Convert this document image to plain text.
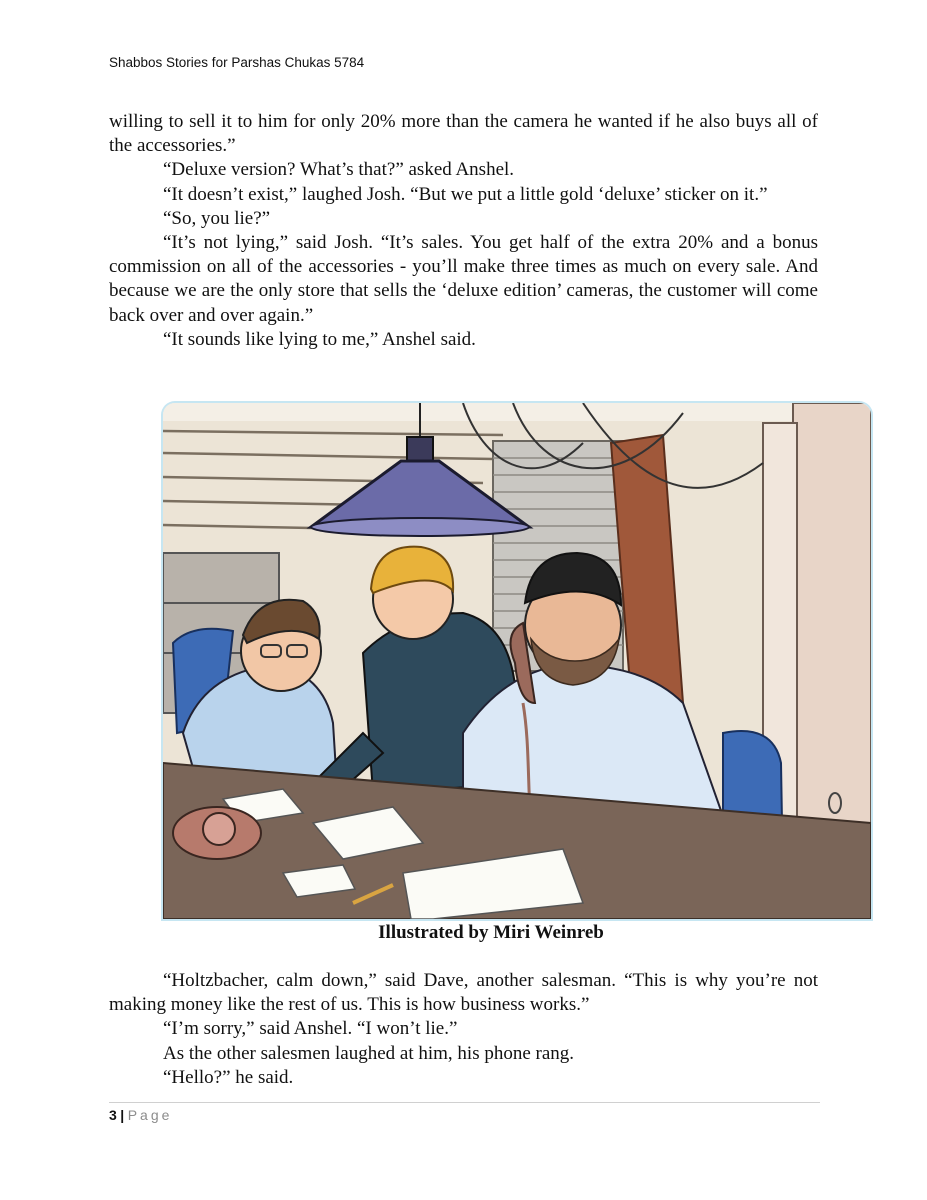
Shabbos Stories for Parshas Chukas 5784

willing to sell it to him for only 20% more than the camera he wanted if he also buys all of the accessories.”

“Deluxe version? What’s that?” asked Anshel.

“It doesn’t exist,” laughed Josh. “But we put a little gold ‘deluxe’ sticker on it.”

“So, you lie?”

“It’s not lying,” said Josh. “It’s sales. You get half of the extra 20% and a bonus commission on all of the accessories - you’ll make three times as much on every sale. And because we are the only store that sells the ‘deluxe edition’ cameras, the customer will come back over and over again.”

“It sounds like lying to me,” Anshel said.

Illustrated by Miri Weinreb

“Holtzbacher, calm down,” said Dave, another salesman. “This is why you’re not making money like the rest of us. This is how business works.”

“I’m sorry,” said Anshel. “I won’t lie.”

As the other salesmen laughed at him, his phone rang.

“Hello?” he said.

3 | Page
